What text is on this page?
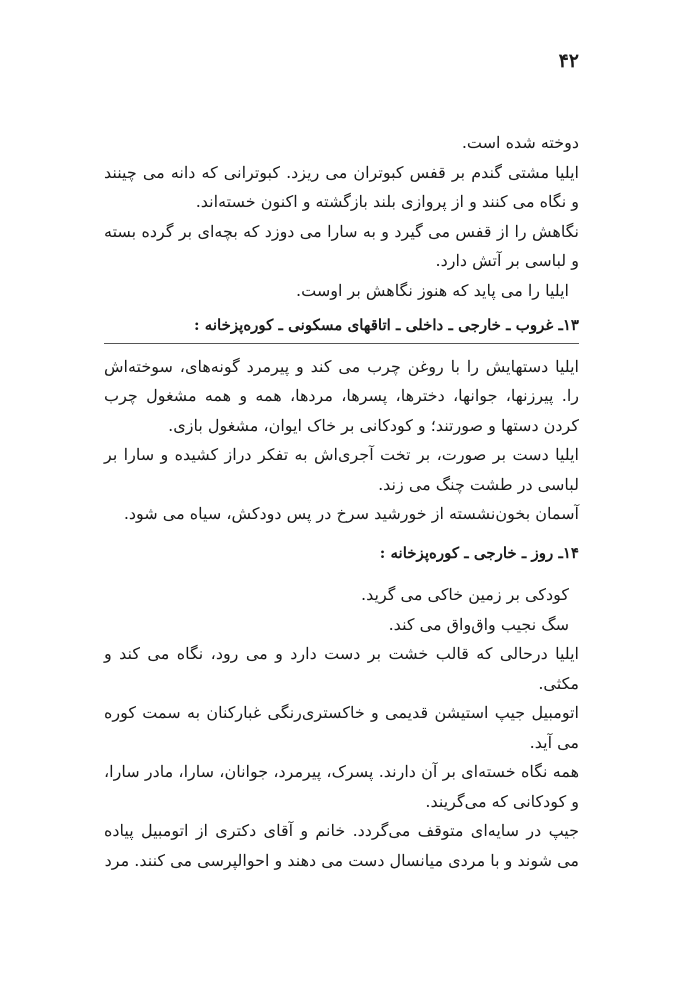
۴۲

دوخته شده است.

ایلیا مشتی گندم بر قفس کبوتران می ریزد. کبوترانی که دانه می چینند و نگاه می کنند و از پروازی بلند بازگشته و اکنون خسته‌اند.

نگاهش را از قفس می گیرد و به سارا می دوزد که بچه‌ای بر گرده بسته و لباسی بر آتش دارد.

ایلیا را می پاید که هنوز نگاهش بر اوست.

۱۳ـ غروب ـ خارجی ـ داخلی ـ اتاقهای مسکونی ـ کوره‌پزخانه :

ایلیا دستهایش را با روغن چرب می کند و پیرمرد گونه‌های، سوخته‌اش را. پیرزنها، جوانها، دخترها، پسرها، مردها، همه و همه مشغول چرب کردن دستها و صورتند؛ و کودکانی بر خاک ایوان، مشغول بازی.

ایلیا دست بر صورت، بر تخت آجری‌اش به تفکر دراز کشیده و سارا بر لباسی در طشت چنگ می زند.

آسمان بخون‌نشسته از خورشید سرخ در پس دودکش، سیاه می شود.

۱۴ـ روز ـ خارجی ـ کوره‌پزخانه :

کودکی بر زمین خاکی می گرید.

سگ نجیب واق‌واق می کند.

ایلیا درحالی که قالب خشت بر دست دارد و می رود، نگاه می کند و مکثی.

اتومبیل جیپ استیشن قدیمی و خاکستری‌رنگی غبارکنان به سمت کوره می آید.

همه نگاه خسته‌ای بر آن دارند. پسرک، پیرمرد، جوانان، سارا، مادر سارا، و کودکانی که می‌گریند.

جیپ در سایه‌ای متوقف می‌گردد. خانم و آقای دکتری از اتومبیل پیاده می شوند و با مردی میانسال دست می دهند و احوالپرسی می کنند. مرد
